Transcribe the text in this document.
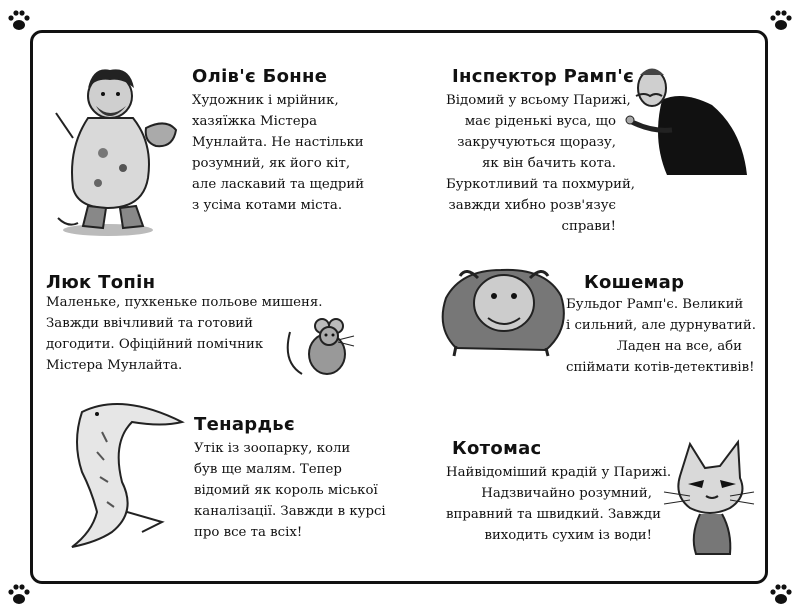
Олів'є Бонне
Художник і мрійник,
хазяїжка Містера
Мунлайта. Не настільки
розумний, як його кіт,
але ласкавий та щедрий
з усіма котами міста.
Інспектор Рамп'є
Відомий у всьому Парижі,
має ріденькі вуса, що
закручуються щоразу,
як він бачить кота.
Буркотливий та похмурий,
завжди хибно розв'язує
справи!
Люк Топін
Маленьке, пухкеньке польове мишеня.
Завжди ввічливий та готовий
догодити. Офіційний помічник
Містера Мунлайта.
Кошемар
Бульдог Рамп'є. Великий
і сильний, але дурнуватий.
Ладен на все, аби
спіймати котів-детективів!
Тенардьє
Утік із зоопарку, коли
був ще малям. Тепер
відомий як король міської
каналізації. Завжди в курсі
про все та всіх!
Котомас
Найвідоміший крадій у Парижі.
Надзвичайно розумний,
вправний та швидкий. Завжди
виходить сухим із води!
